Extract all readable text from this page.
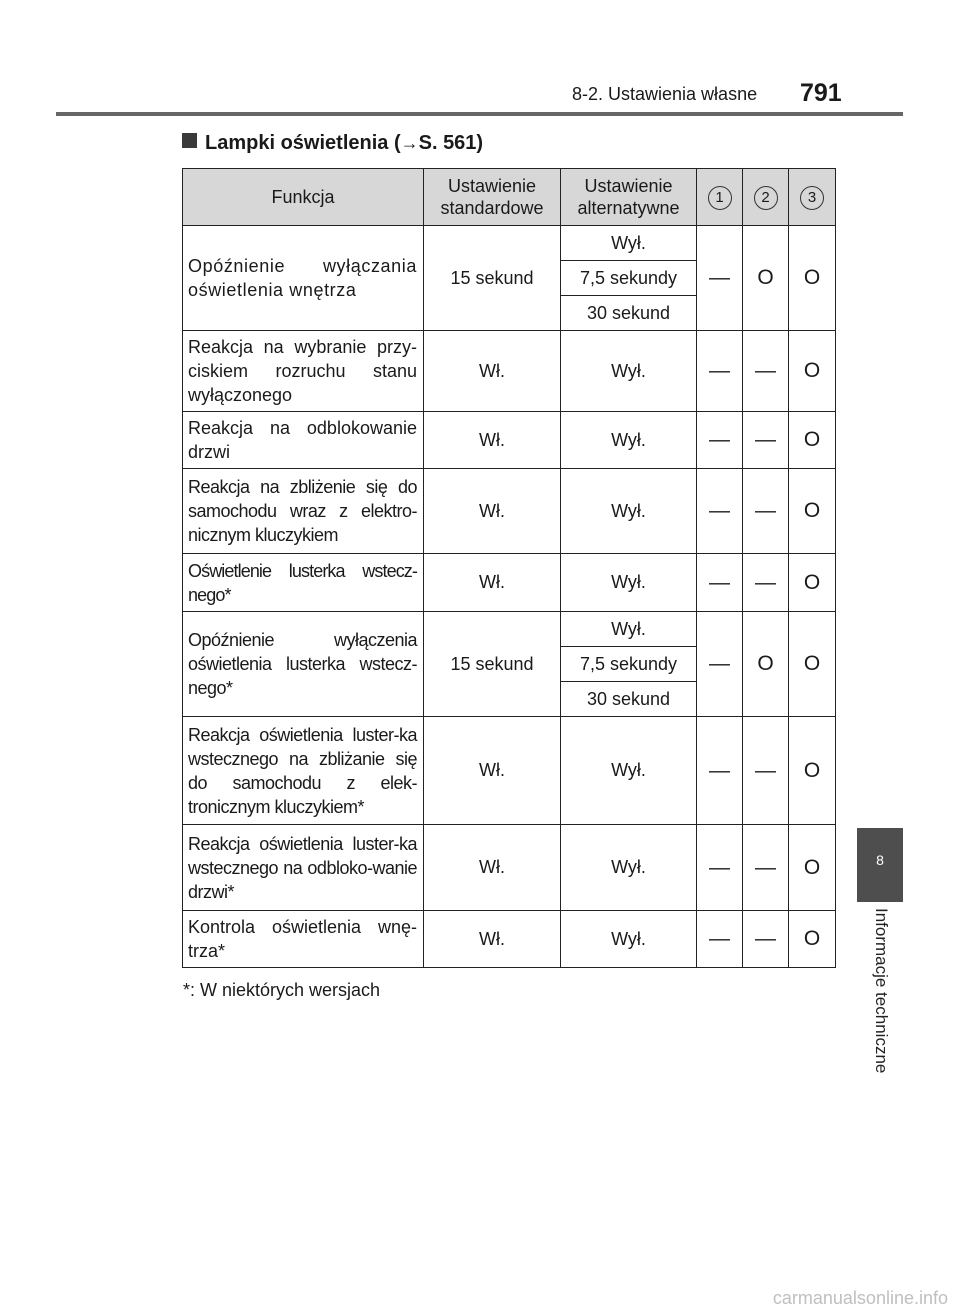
8-2. Ustawienia własne 791
Lampki oświetlenia (→S. 561)
Funkcja	Ustawienie standardowe	Ustawienie alternatywne	1	2	3
Opóźnienie wyłączania oświetlenia wnętrza	15 sekund	Wył.	—	O	O
		7,5 sekundy			
		30 sekund			
Reakcja na wybranie przy-ciskiem rozruchu stanu wyłączonego	Wł.	Wył.	—	—	O
Reakcja na odblokowanie drzwi	Wł.	Wył.	—	—	O
Reakcja na zbliżenie się do samochodu wraz z elektro-nicznym kluczykiem	Wł.	Wył.	—	—	O
Oświetlenie lusterka wstecz-nego*	Wł.	Wył.	—	—	O
Opóźnienie wyłączenia oświetlenia lusterka wstecz-nego*	15 sekund	Wył.	—	O	O
		7,5 sekundy			
		30 sekund			
Reakcja oświetlenia luster-ka wstecznego na zbliżanie się do samochodu z elek-tronicznym kluczykiem*	Wł.	Wył.	—	—	O
Reakcja oświetlenia luster-ka wstecznego na odbloko-wanie drzwi*	Wł.	Wył.	—	—	O
Kontrola oświetlenia wnę-trza*	Wł.	Wył.	—	—	O
*: W niektórych wersjach
8
Informacje techniczne
carmanualsonline.info
